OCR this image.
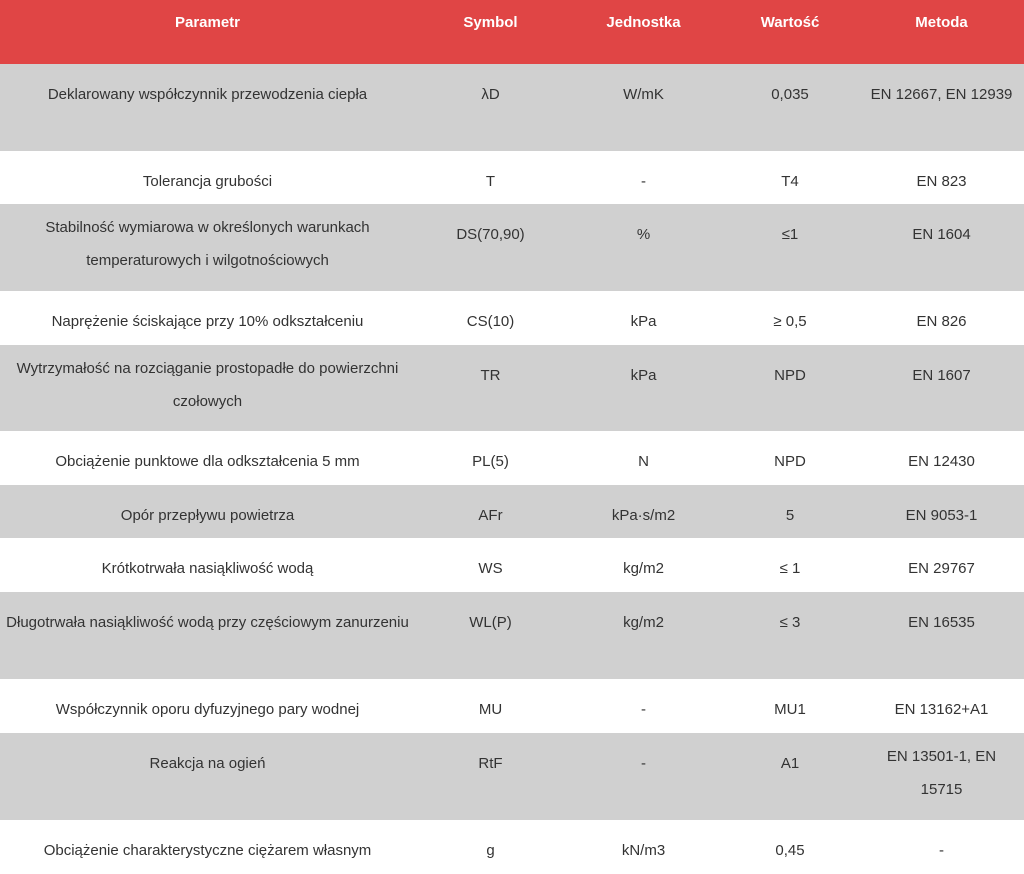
Parametr	Symbol	Jednostka	Wartość	Metoda
Deklarowany współczynnik przewodzenia ciepła	λD	W/mK	0,035	EN 12667, EN 12939
Tolerancja grubości	T	-	T4	EN 823
Stabilność wymiarowa w określonych warunkach temperaturowych i wilgotnościowych	DS(70,90)	%	≤1	EN 1604
Naprężenie ściskające przy 10% odkształceniu	CS(10)	kPa	≥ 0,5	EN 826
Wytrzymałość na rozciąganie prostopadłe do powierzchni czołowych	TR	kPa	NPD	EN 1607
Obciążenie punktowe dla odkształcenia 5 mm	PL(5)	N	NPD	EN 12430
Opór przepływu powietrza	AFr	kPa·s/m2	5	EN 9053-1
Krótkotrwała nasiąkliwość wodą	WS	kg/m2	≤ 1	EN 29767
Długotrwała nasiąkliwość wodą przy częściowym zanurzeniu	WL(P)	kg/m2	≤ 3	EN 16535
Współczynnik oporu dyfuzyjnego pary wodnej	MU	-	MU1	EN 13162+A1
Reakcja na ogień	RtF	-	A1	EN 13501-1, EN 15715
Obciążenie charakterystyczne ciężarem własnym	g	kN/m3	0,45	-
